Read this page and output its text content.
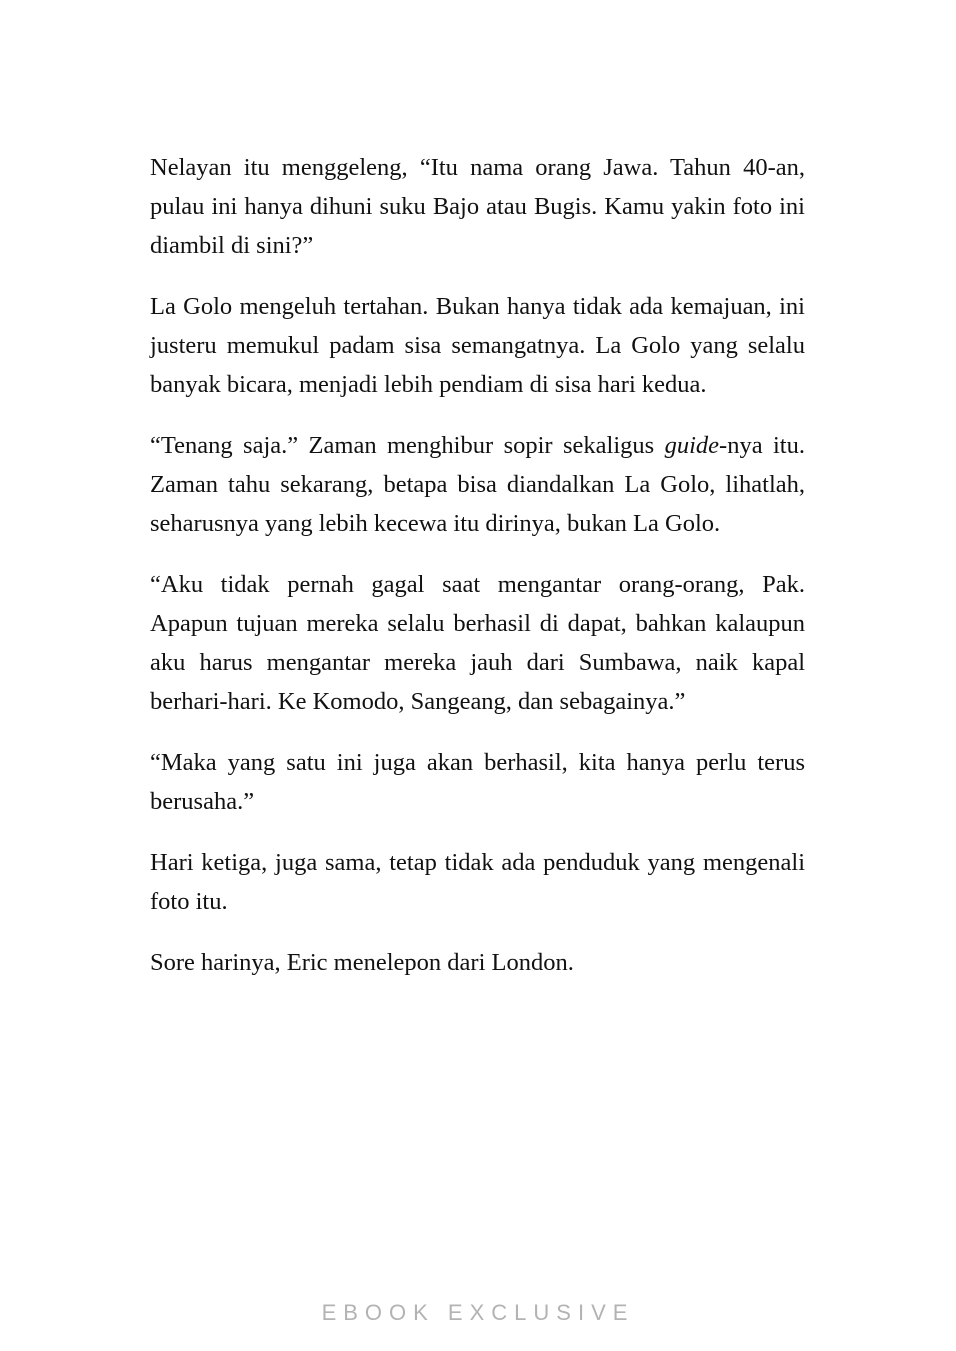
Nelayan itu menggeleng, “Itu nama orang Jawa. Tahun 40-an, pulau ini hanya dihuni suku Bajo atau Bugis. Kamu yakin foto ini diambil di sini?”

La Golo mengeluh tertahan. Bukan hanya tidak ada kemajuan, ini justeru memukul padam sisa semangatnya. La Golo yang selalu banyak bicara, menjadi lebih pendiam di sisa hari kedua.

“Tenang saja.” Zaman menghibur sopir sekaligus guide-nya itu. Zaman tahu sekarang, betapa bisa diandalkan La Golo, lihatlah, seharusnya yang lebih kecewa itu dirinya, bukan La Golo.

“Aku tidak pernah gagal saat mengantar orang-orang, Pak. Apapun tujuan mereka selalu berhasil di dapat, bahkan kalaupun aku harus mengantar mereka jauh dari Sumbawa, naik kapal berhari-hari. Ke Komodo, Sangeang, dan sebagainya.”

“Maka yang satu ini juga akan berhasil, kita hanya perlu terus berusaha.”

Hari ketiga, juga sama, tetap tidak ada penduduk yang mengenali foto itu.

Sore harinya, Eric menelepon dari London.

EBOOK EXCLUSIVE
